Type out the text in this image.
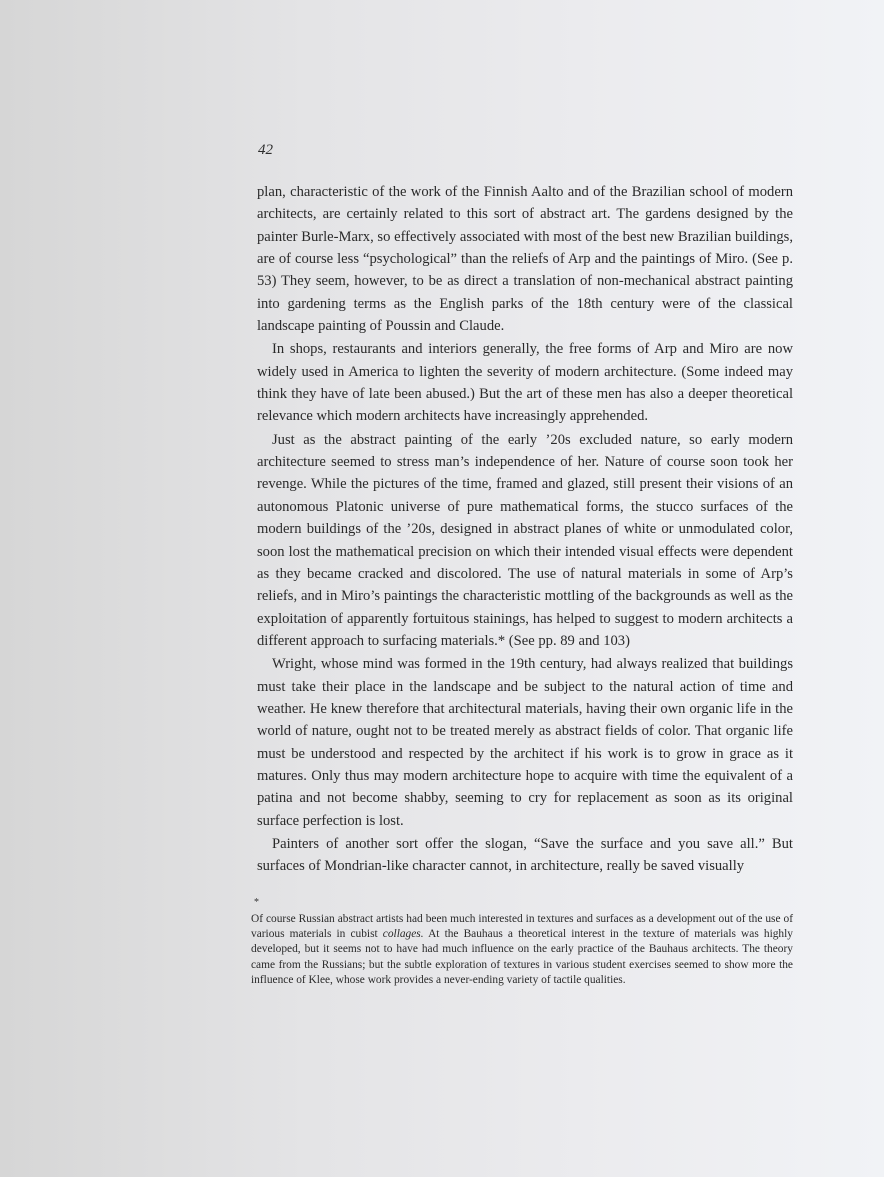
42

plan, characteristic of the work of the Finnish Aalto and of the Brazilian school of modern architects, are certainly related to this sort of abstract art. The gardens designed by the painter Burle-Marx, so effectively associated with most of the best new Brazilian buildings, are of course less “psychological” than the reliefs of Arp and the paintings of Miro. (See p. 53) They seem, however, to be as direct a translation of non-mechanical abstract painting into gardening terms as the English parks of the 18th century were of the classical landscape painting of Poussin and Claude.

In shops, restaurants and interiors generally, the free forms of Arp and Miro are now widely used in America to lighten the severity of modern architecture. (Some indeed may think they have of late been abused.) But the art of these men has also a deeper theoretical relevance which modern architects have increasingly apprehended.

Just as the abstract painting of the early ’20s excluded nature, so early modern architecture seemed to stress man’s independence of her. Nature of course soon took her revenge. While the pictures of the time, framed and glazed, still present their visions of an autonomous Platonic universe of pure mathematical forms, the stucco surfaces of the modern buildings of the ’20s, designed in abstract planes of white or unmodulated color, soon lost the mathematical precision on which their intended visual effects were dependent as they became cracked and discolored. The use of natural materials in some of Arp’s reliefs, and in Miro’s paintings the characteristic mottling of the backgrounds as well as the exploitation of apparently fortuitous stainings, has helped to suggest to modern architects a different approach to surfacing materials.* (See pp. 89 and 103)

Wright, whose mind was formed in the 19th century, had always realized that buildings must take their place in the landscape and be subject to the natural action of time and weather. He knew therefore that architectural materials, having their own organic life in the world of nature, ought not to be treated merely as abstract fields of color. That organic life must be understood and respected by the architect if his work is to grow in grace as it matures. Only thus may modern architecture hope to acquire with time the equivalent of a patina and not become shabby, seeming to cry for replacement as soon as its original surface perfection is lost.

Painters of another sort offer the slogan, “Save the surface and you save all.” But surfaces of Mondrian-like character cannot, in architecture, really be saved visually

*
Of course Russian abstract artists had been much interested in textures and surfaces as a development out of the use of various materials in cubist collages. At the Bauhaus a theoretical interest in the texture of materials was highly developed, but it seems not to have had much influence on the early practice of the Bauhaus architects. The theory came from the Russians; but the subtle exploration of textures in various student exercises seemed to show more the influence of Klee, whose work provides a never-ending variety of tactile qualities.
